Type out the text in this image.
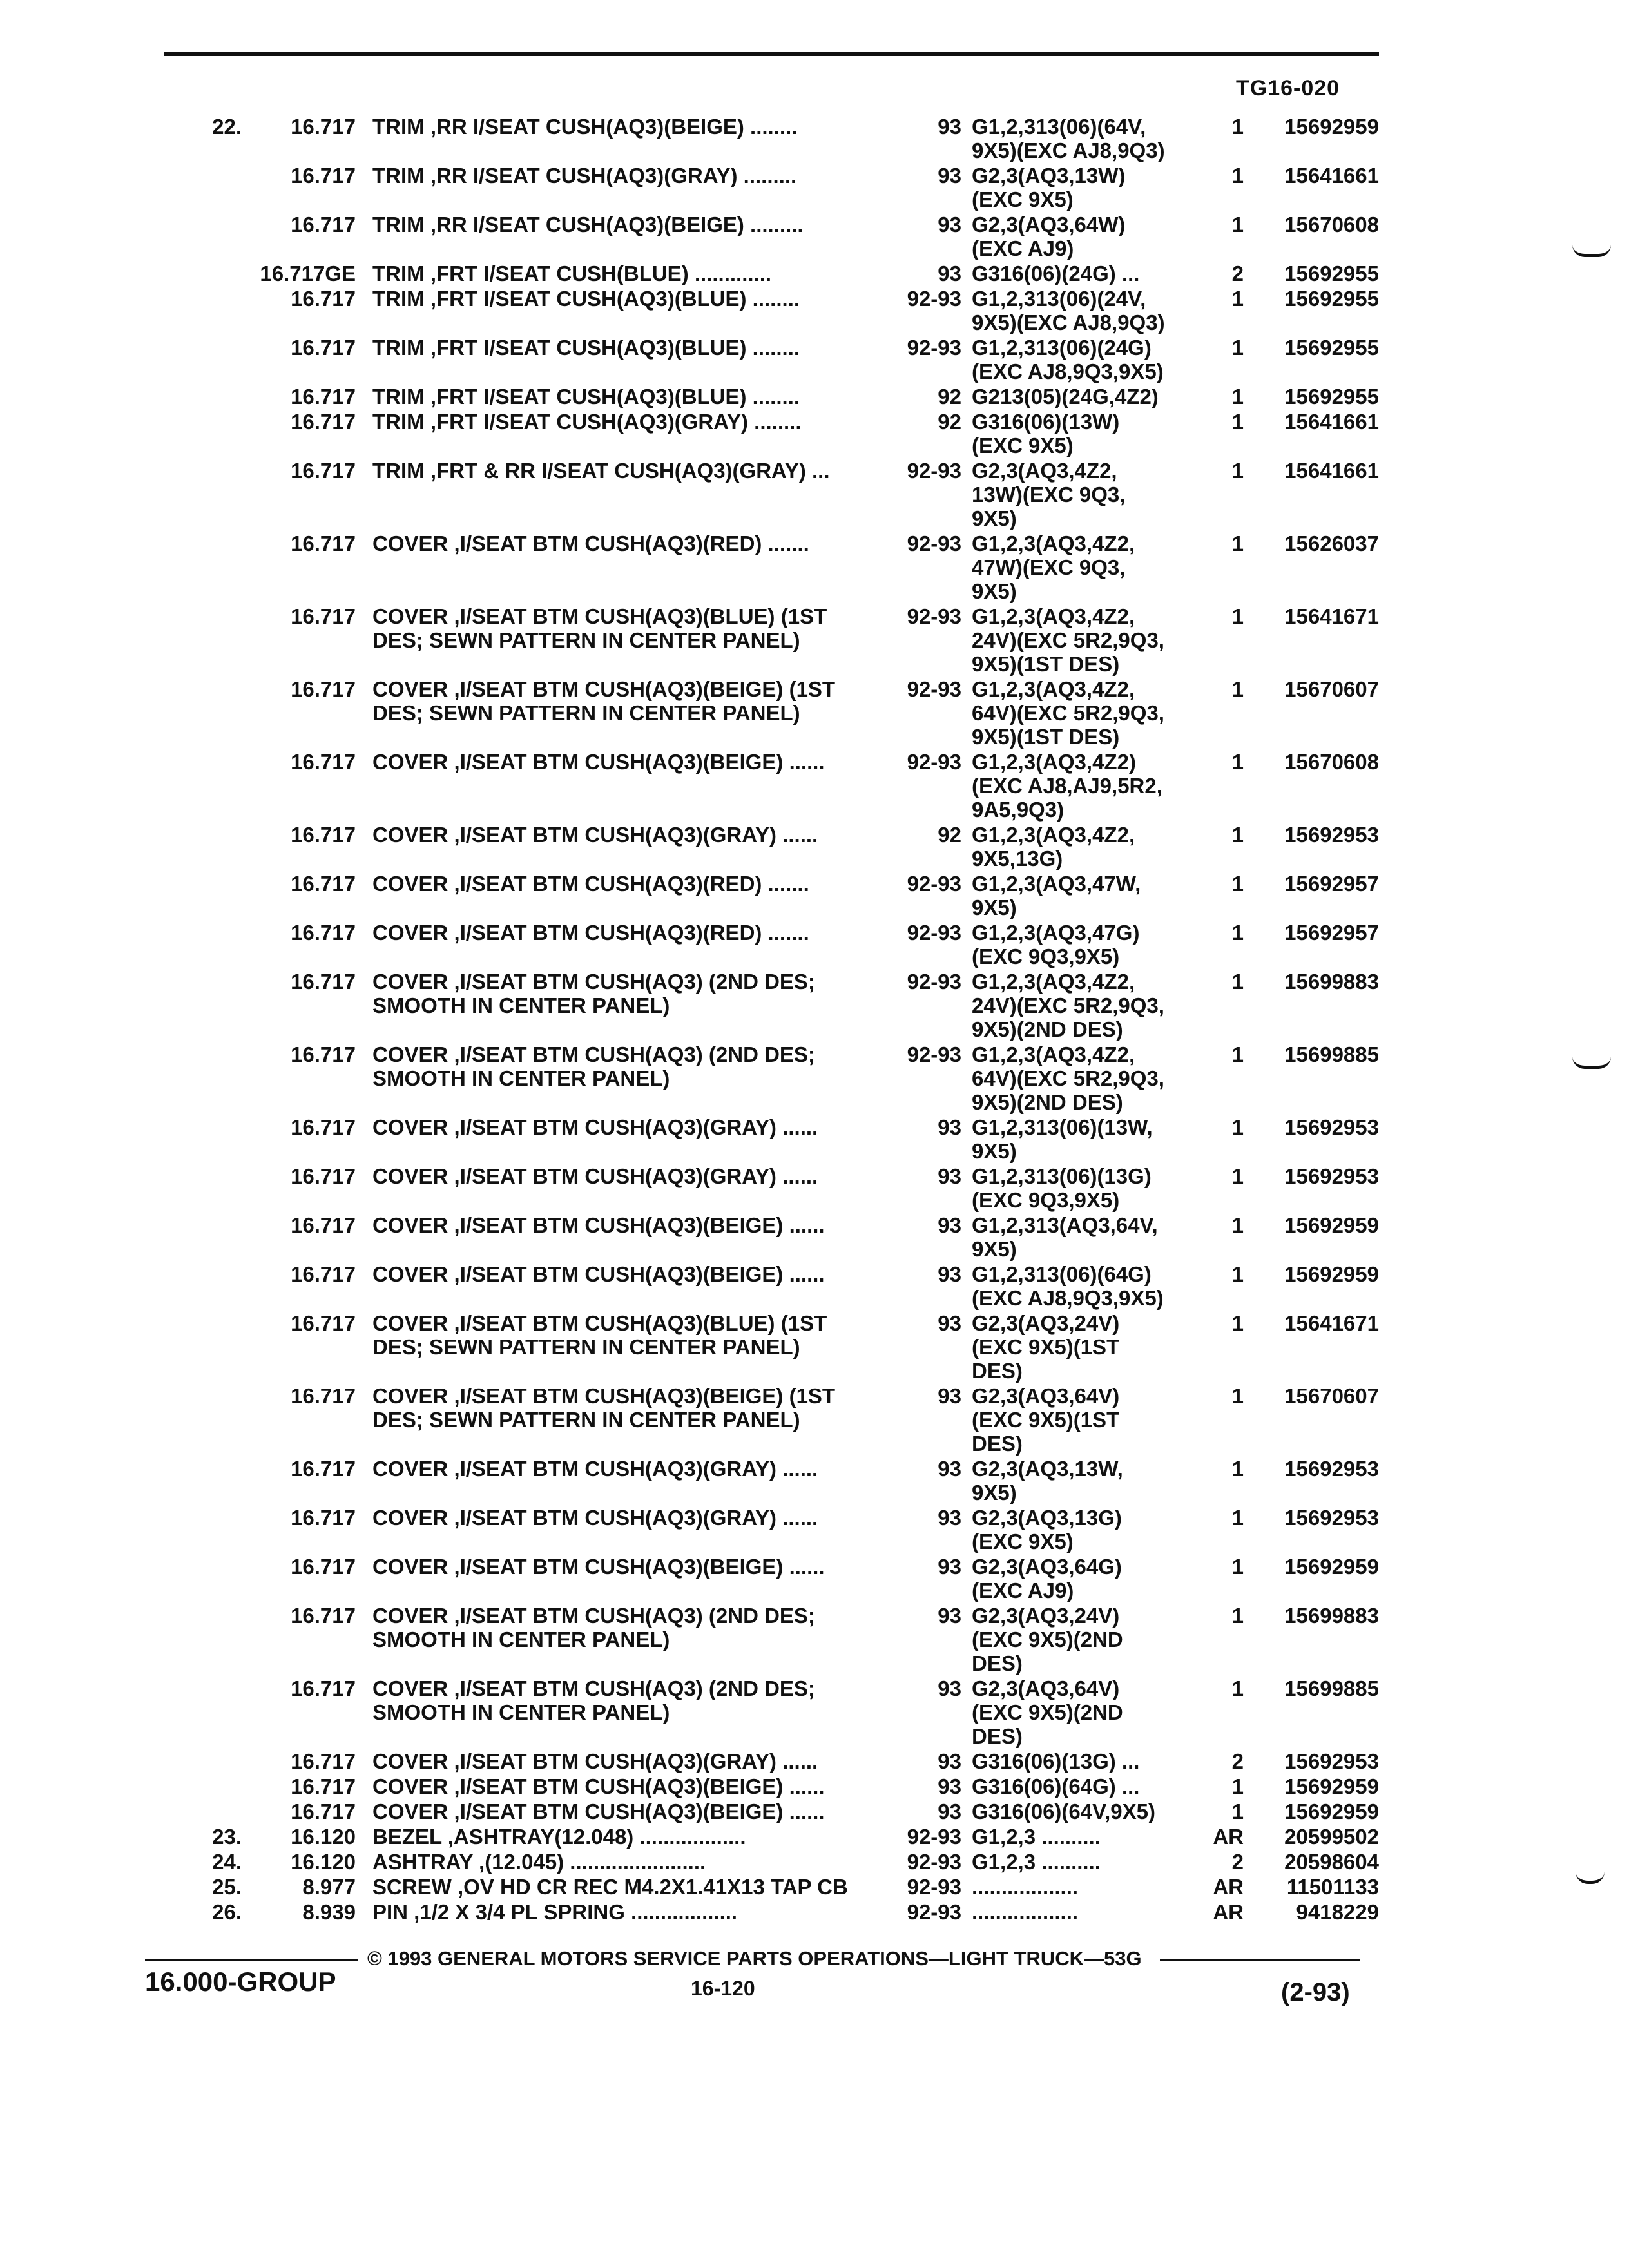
TG16-020
22.	16.717 TRIM ,RR I/SEAT CUSH(AQ3)(BEIGE) ........	93 G1,2,313(06)(64V,
9X5)(EXC AJ8,9Q3)
1	15692959
16.717 TRIM ,RR I/SEAT CUSH(AQ3)(GRAY) .........	93 G2,3(AQ3,13W)
(EXC 9X5)
1	15641661
16.717 TRIM ,RR I/SEAT CUSH(AQ3)(BEIGE) .........	93 G2,3(AQ3,64W)
(EXC AJ9)
1	15670608
16.717GE TRIM ,FRT I/SEAT CUSH(BLUE) .............	93 G316(06)(24G) ...	2	15692955
16.717 TRIM ,FRT I/SEAT CUSH(AQ3)(BLUE) ........	92-93 G1,2,313(06)(24V,
9X5)(EXC AJ8,9Q3)
1	15692955
16.717 TRIM ,FRT I/SEAT CUSH(AQ3)(BLUE) ........	92-93 G1,2,313(06)(24G)
(EXC AJ8,9Q3,9X5)
1	15692955
16.717 TRIM ,FRT I/SEAT CUSH(AQ3)(BLUE) ........	92 G213(05)(24G,4Z2)	1	15692955
16.717 TRIM ,FRT I/SEAT CUSH(AQ3)(GRAY) ........	92 G316(06)(13W)
(EXC 9X5)
1	15641661
16.717 TRIM ,FRT & RR I/SEAT CUSH(AQ3)(GRAY) ...	92-93 G2,3(AQ3,4Z2,
13W)(EXC 9Q3,
9X5)
1	15641661
16.717 COVER ,I/SEAT BTM CUSH(AQ3)(RED) .......	92-93 G1,2,3(AQ3,4Z2,
47W)(EXC 9Q3,
9X5)
1	15626037
16.717 COVER ,I/SEAT BTM CUSH(AQ3)(BLUE) (1ST
DES; SEWN PATTERN IN CENTER PANEL)
92-93 G1,2,3(AQ3,4Z2,
24V)(EXC 5R2,9Q3,
9X5)(1ST DES)
1	15641671
16.717 COVER ,I/SEAT BTM CUSH(AQ3)(BEIGE) (1ST
DES; SEWN PATTERN IN CENTER PANEL)
92-93 G1,2,3(AQ3,4Z2,
64V)(EXC 5R2,9Q3,
9X5)(1ST DES)
1	15670607
16.717 COVER ,I/SEAT BTM CUSH(AQ3)(BEIGE) ......	92-93 G1,2,3(AQ3,4Z2)
(EXC AJ8,AJ9,5R2,
9A5,9Q3)
1	15670608
16.717 COVER ,I/SEAT BTM CUSH(AQ3)(GRAY) ......	92 G1,2,3(AQ3,4Z2,
9X5,13G)
1	15692953
16.717 COVER ,I/SEAT BTM CUSH(AQ3)(RED) .......	92-93 G1,2,3(AQ3,47W,
9X5)
1	15692957
16.717 COVER ,I/SEAT BTM CUSH(AQ3)(RED) .......	92-93 G1,2,3(AQ3,47G)
(EXC 9Q3,9X5)
1	15692957
16.717 COVER ,I/SEAT BTM CUSH(AQ3) (2ND DES;
SMOOTH IN CENTER PANEL)
92-93 G1,2,3(AQ3,4Z2,
24V)(EXC 5R2,9Q3,
9X5)(2ND DES)
1	15699883
16.717 COVER ,I/SEAT BTM CUSH(AQ3) (2ND DES;
SMOOTH IN CENTER PANEL)
92-93 G1,2,3(AQ3,4Z2,
64V)(EXC 5R2,9Q3,
9X5)(2ND DES)
1	15699885
16.717 COVER ,I/SEAT BTM CUSH(AQ3)(GRAY) ......	93 G1,2,313(06)(13W,
9X5)
1	15692953
16.717 COVER ,I/SEAT BTM CUSH(AQ3)(GRAY) ......	93 G1,2,313(06)(13G)
(EXC 9Q3,9X5)
1	15692953
16.717 COVER ,I/SEAT BTM CUSH(AQ3)(BEIGE) ......	93 G1,2,313(AQ3,64V,
9X5)
1	15692959
16.717 COVER ,I/SEAT BTM CUSH(AQ3)(BEIGE) ......	93 G1,2,313(06)(64G)
(EXC AJ8,9Q3,9X5)
1	15692959
16.717 COVER ,I/SEAT BTM CUSH(AQ3)(BLUE) (1ST
DES; SEWN PATTERN IN CENTER PANEL)
93 G2,3(AQ3,24V)
(EXC 9X5)(1ST
DES)
1	15641671
16.717 COVER ,I/SEAT BTM CUSH(AQ3)(BEIGE) (1ST
DES; SEWN PATTERN IN CENTER PANEL)
93 G2,3(AQ3,64V)
(EXC 9X5)(1ST
DES)
1	15670607
16.717 COVER ,I/SEAT BTM CUSH(AQ3)(GRAY) ......	93 G2,3(AQ3,13W,
9X5)
1	15692953
16.717 COVER ,I/SEAT BTM CUSH(AQ3)(GRAY) ......	93 G2,3(AQ3,13G)
(EXC 9X5)
1	15692953
16.717 COVER ,I/SEAT BTM CUSH(AQ3)(BEIGE) ......	93 G2,3(AQ3,64G)
(EXC AJ9)
1	15692959
16.717 COVER ,I/SEAT BTM CUSH(AQ3) (2ND DES;
SMOOTH IN CENTER PANEL)
93 G2,3(AQ3,24V)
(EXC 9X5)(2ND
DES)
1	15699883
16.717 COVER ,I/SEAT BTM CUSH(AQ3) (2ND DES;
SMOOTH IN CENTER PANEL)
93 G2,3(AQ3,64V)
(EXC 9X5)(2ND
DES)
1	15699885
16.717 COVER ,I/SEAT BTM CUSH(AQ3)(GRAY) ......	93 G316(06)(13G) ...	2	15692953
16.717 COVER ,I/SEAT BTM CUSH(AQ3)(BEIGE) ......	93 G316(06)(64G) ...	1	15692959
16.717 COVER ,I/SEAT BTM CUSH(AQ3)(BEIGE) ......	93 G316(06)(64V,9X5)	1	15692959
23.	16.120 BEZEL ,ASHTRAY(12.048) ..................	92-93 G1,2,3 ..........	AR	20599502
24.	16.120 ASHTRAY ,(12.045) .......................	92-93 G1,2,3 ..........	2	20598604
25.	8.977 SCREW ,OV HD CR REC M4.2X1.41X13 TAP CB	92-93 ..................	AR	11501133
26.	8.939 PIN ,1/2 X 3/4 PL SPRING ..................	92-93 ..................	AR	9418229
© 1993 GENERAL MOTORS SERVICE PARTS OPERATIONS—LIGHT TRUCK—53G
16.000-GROUP	16-120	(2-93)
